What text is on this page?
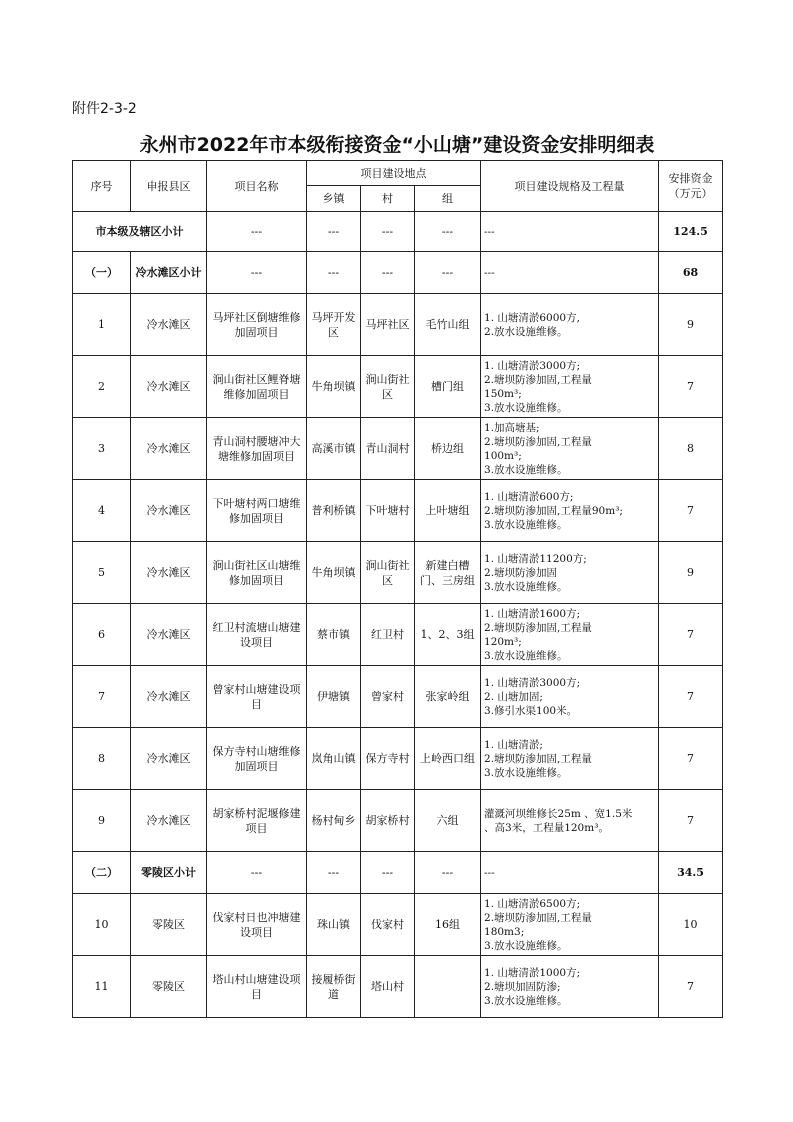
附件2-3-2
永州市2022年市本级衔接资金“小山塘”建设资金安排明细表
序号	申报县区	项目名称	项目建设地点			项目建设规格及工程量	安排资金（万元）
			乡镇	村	组		
市本级及辖区小计		---	---	---	---	---	124.5
（一）	冷水滩区小计	---	---	---	---	---	68
1	冷水滩区	马坪社区倒塘维修加固项目	马坪开发区	马坪社区	毛竹山组	1. 山塘清淤6000方,
2.放水设施维修。	9
2	冷水滩区	涧山街社区鲤脊塘维修加固项目	牛角坝镇	涧山街社区	槽门组	1. 山塘清淤3000方;
2.塘坝防渗加固,工程量
150m³;
3.放水设施维修。	7
3	冷水滩区	青山洞村腰塘冲大塘维修加固项目	高溪市镇	青山洞村	桥边组	1.加高塘基;
2.塘坝防渗加固,工程量
100m³;
3.放水设施维修。	8
4	冷水滩区	下叶塘村两口塘维修加固项目	普利桥镇	下叶塘村	上叶塘组	1. 山塘清淤600方;
2.塘坝防渗加固,工程量90m³;
3.放水设施维修。	7
5	冷水滩区	涧山街社区山塘维修加固项目	牛角坝镇	涧山街社区	新建白槽门、三房组	1. 山塘清淤11200方;
2.塘坝防渗加固
3.放水设施维修。	9
6	冷水滩区	红卫村流塘山塘建设项目	蔡市镇	红卫村	1、2、3组	1. 山塘清淤1600方;
2.塘坝防渗加固,工程量
120m³;
3.放水设施维修。	7
7	冷水滩区	曾家村山塘建设项目	伊塘镇	曾家村	张家岭组	1. 山塘清淤3000方;
2. 山塘加固;
3.修引水渠100米。	7
8	冷水滩区	保方寺村山塘维修加固项目	岚角山镇	保方寺村	上岭西口组	1. 山塘清淤;
2.塘坝防渗加固,工程量
3.放水设施维修。	7
9	冷水滩区	胡家桥村泥堰修建项目	杨村甸乡	胡家桥村	六组	灌溉河坝维修长25m 、宽1.5米
、高3米，工程量120m³。	7
（二）	零陵区小计	---	---	---	---	---	34.5
10	零陵区	伐家村日也冲塘建设项目	珠山镇	伐家村	16组	1. 山塘清淤6500方;
2.塘坝防渗加固,工程量
180m3;
3.放水设施维修。	10
11	零陵区	塔山村山塘建设项目	接履桥街道	塔山村		1. 山塘清淤1000方;
2.塘坝加固防渗;
3.放水设施维修。	7
